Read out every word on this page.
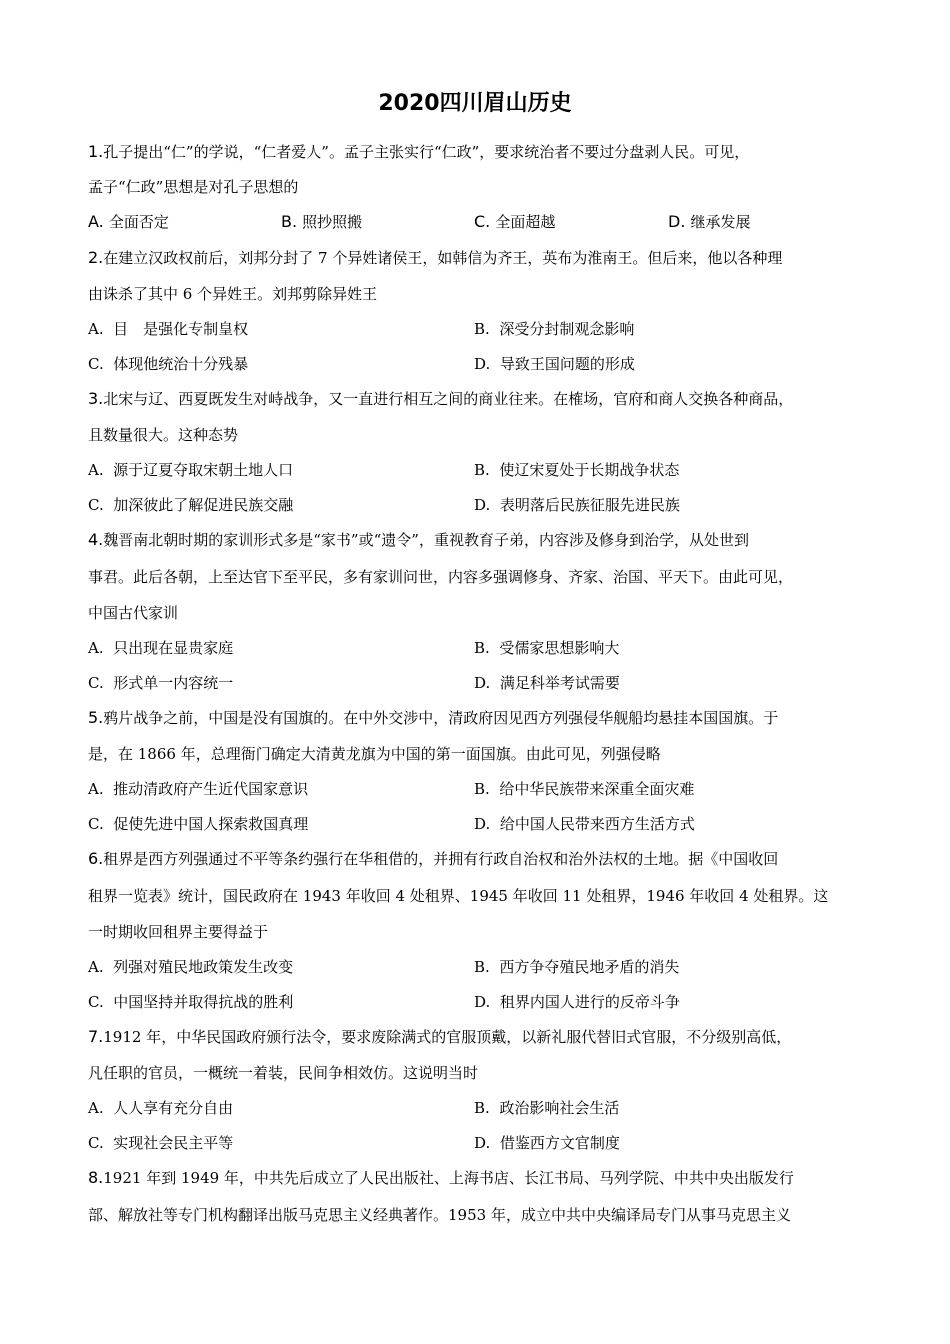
2020四川眉山历史
1.孔子提出“仁”的学说，“仁者爱人”。孟子主张实行“仁政”，要求统治者不要过分盘剥人民。可见，
孟子“仁政”思想是对孔子思想的
A. 全面否定	B. 照抄照搬	C. 全面超越	D. 继承发展
2.在建立汉政权前后，刘邦分封了 7 个异姓诸侯王，如韩信为齐王，英布为淮南王。但后来，他以各种理
由诛杀了其中 6 个异姓王。刘邦剪除异姓王
A. 目　是强化专制皇权	B. 深受分封制观念影响
C. 体现他统治十分残暴	D. 导致王国问题的形成
3.北宋与辽、西夏既发生对峙战争，又一直进行相互之间的商业往来。在榷场，官府和商人交换各种商品，
且数量很大。这种态势
A. 源于辽夏夺取宋朝土地人口	B. 使辽宋夏处于长期战争状态
C. 加深彼此了解促进民族交融	D. 表明落后民族征服先进民族
4.魏晋南北朝时期的家训形式多是“家书”或“遗令”，重视教育子弟，内容涉及修身到治学，从处世到
事君。此后各朝，上至达官下至平民，多有家训问世，内容多强调修身、齐家、治国、平天下。由此可见，
中国古代家训
A. 只出现在显贵家庭	B. 受儒家思想影响大
C. 形式单一内容统一	D. 满足科举考试需要
5.鸦片战争之前，中国是没有国旗的。在中外交涉中，清政府因见西方列强侵华舰船均悬挂本国国旗。于
是，在 1866 年，总理衙门确定大清黄龙旗为中国的第一面国旗。由此可见，列强侵略
A. 推动清政府产生近代国家意识	B. 给中华民族带来深重全面灾难
C. 促使先进中国人探索救国真理	D. 给中国人民带来西方生活方式
6.租界是西方列强通过不平等条约强行在华租借的，并拥有行政自治权和治外法权的土地。据《中国收回
租界一览表》统计，国民政府在 1943 年收回 4 处租界、1945 年收回 11 处租界，1946 年收回 4 处租界。这
一时期收回租界主要得益于
A. 列强对殖民地政策发生改变	B. 西方争夺殖民地矛盾的消失
C. 中国坚持并取得抗战的胜利	D. 租界内国人进行的反帝斗争
7.1912 年，中华民国政府颁行法令，要求废除满式的官服顶戴，以新礼服代替旧式官服，不分级别高低，
凡任职的官员，一概统一着装，民间争相效仿。这说明当时
A. 人人享有充分自由	B. 政治影响社会生活
C. 实现社会民主平等	D. 借鉴西方文官制度
8.1921 年到 1949 年，中共先后成立了人民出版社、上海书店、长江书局、马列学院、中共中央出版发行
部、解放社等专门机构翻译出版马克思主义经典著作。1953 年，成立中共中央编译局专门从事马克思主义
